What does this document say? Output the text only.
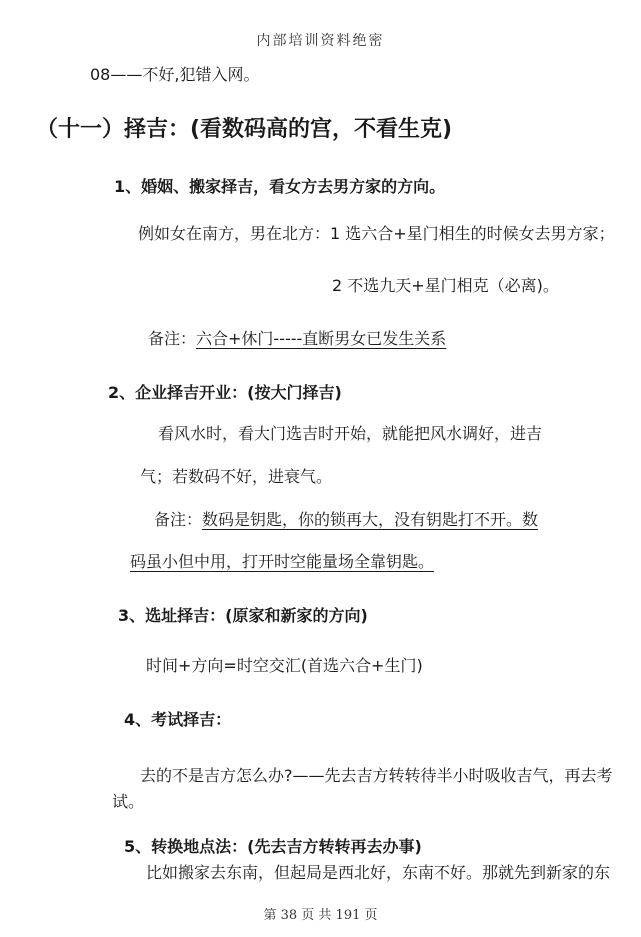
内部培训资料绝密
08——不好,犯错入网。
（十一）择吉：(看数码高的宫，不看生克)
1、婚姻、搬家择吉，看女方去男方家的方向。
例如女在南方，男在北方：1 选六合+星门相生的时候女去男方家；
2 不选九天+星门相克（必离)。
备注：六合+休门-----直断男女已发生关系
2、企业择吉开业：(按大门择吉)
看风水时，看大门选吉时开始，就能把风水调好，进吉
气；若数码不好，进衰气。
备注：数码是钥匙，你的锁再大，没有钥匙打不开。数
码虽小但中用，打开时空能量场全靠钥匙。
3、选址择吉：(原家和新家的方向)
时间+方向=时空交汇(首选六合+生门)
4、考试择吉：
去的不是吉方怎么办?——先去吉方转转待半小时吸收吉气，再去考
试。
5、转换地点法：(先去吉方转转再去办事)
比如搬家去东南，但起局是西北好，东南不好。那就先到新家的东
第 38 页 共 191 页
